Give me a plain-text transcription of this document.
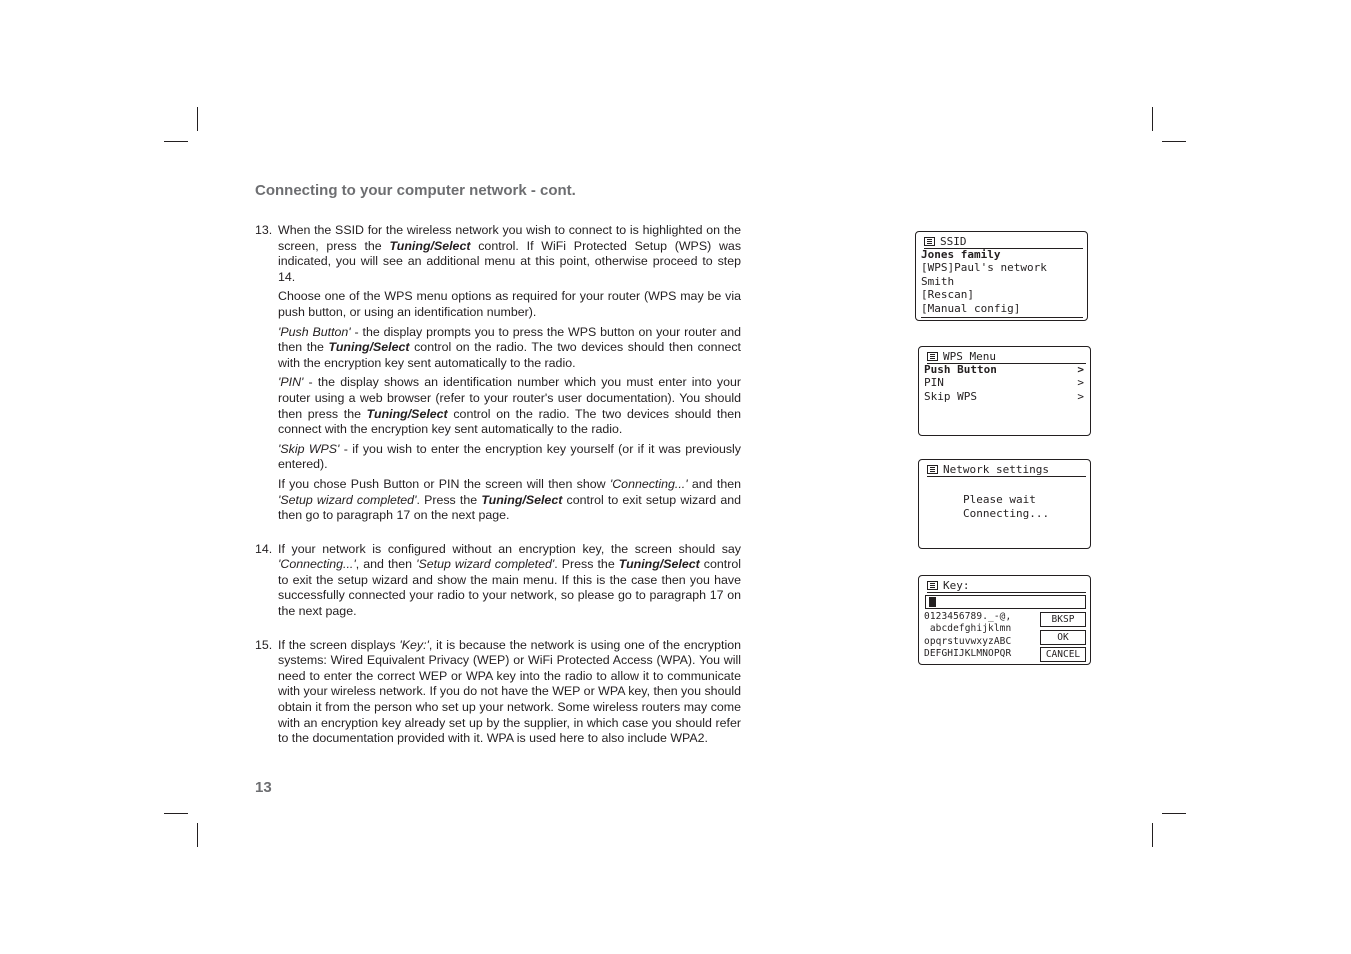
Connecting to your computer network - cont.
13. When the SSID for the wireless network you wish to connect to is highlighted on the screen, press the Tuning/Select control. If WiFi Protected Setup (WPS) was indicated, you will see an additional menu at this point, otherwise proceed to step 14.

Choose one of the WPS menu options as required for your router (WPS may be via push button, or using an identification number).

'Push Button' - the display prompts you to press the WPS button on your router and then the Tuning/Select control on the radio. The two devices should then connect with the encryption key sent automatically to the radio.

'PIN' - the display shows an identification number which you must enter into your router using a web browser (refer to your router's user documentation). You should then press the Tuning/Select control on the radio. The two devices should then connect with the encryption key sent automatically to the radio.

'Skip WPS' - if you wish to enter the encryption key yourself (or if it was previously entered).

If you chose Push Button or PIN the screen will then show 'Connecting...' and then 'Setup wizard completed'. Press the Tuning/Select control to exit setup wizard and then go to paragraph 17 on the next page.

14. If your network is configured without an encryption key, the screen should say 'Connecting...', and then 'Setup wizard completed'. Press the Tuning/Select control to exit the setup wizard and show the main menu. If this is the case then you have successfully connected your radio to your network, so please go to paragraph 17 on the next page.

15. If the screen displays 'Key:', it is because the network is using one of the encryption systems: Wired Equivalent Privacy (WEP) or WiFi Protected Access (WPA). You will need to enter the correct WEP or WPA key into the radio to allow it to communicate with your wireless network. If you do not have the WEP or WPA key, then you should obtain it from the person who set up your network. Some wireless routers may come with an encryption key already set up by the supplier, in which case you should refer to the documentation provided with it. WPA is used here to also include WPA2.

13
SSID
Jones family
[WPS]Paul's network
Smith
[Rescan]
[Manual config]
WPS Menu
Push Button	>
PIN	>
Skip WPS	>
Network settings
Please wait
Connecting...
Key:
0123456789._-@,
abcdefghijklmn
opqrstuvwxyzABC
DEFGHIJKLMNOPQR
BKSP
OK
CANCEL
